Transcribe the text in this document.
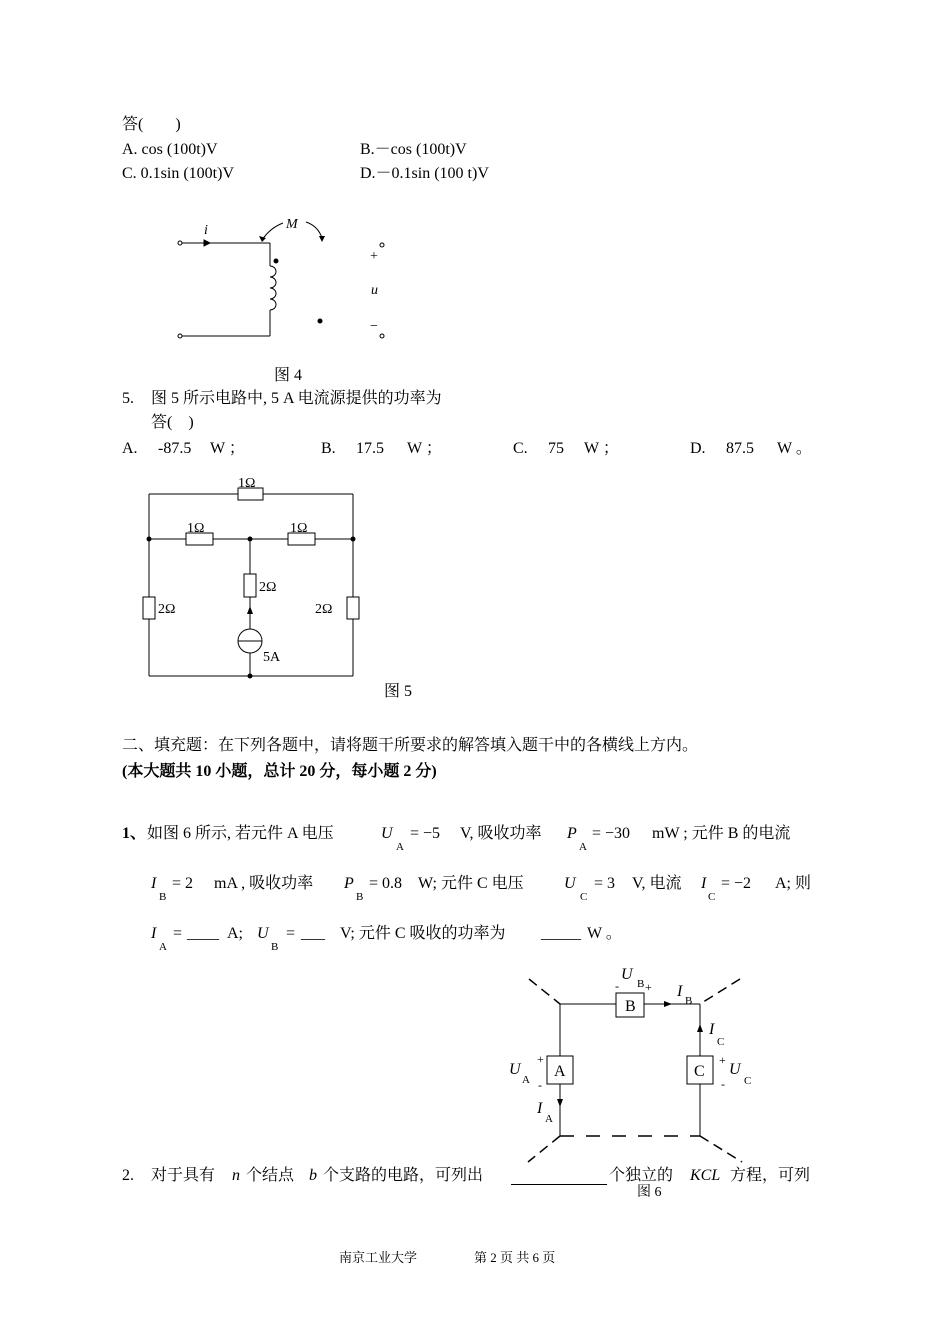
答(　　)
A. cos (100t)V	B.－cos (100t)V
C. 0.1sin (100t)V	D.－0.1sin (100 t)V
i	M
+
u
−
图 4
5. 图 5 所示电路中, 5 A 电流源提供的功率为
答(　)
A. -87.5 W ；	B. 17.5 W ；	C. 75 W ；	D. 87.5 W 。
1Ω
1Ω	1Ω
2Ω
2Ω	2Ω
5A
图 5
二、填充题：在下列各题中，请将题干所要求的解答填入题干中的各横线上方内。
(本大题共 10 小题，总计 20 分，每小题 2 分)
1、 如图 6 所示, 若元件 A 电压	U
A
= −5 V, 吸收功率 P
A
= −30 mW ; 元件 B 的电流
I
B
= 2 mA , 吸收功率 P
B
= 0.8 W; 元件 C 电压	U
C
= 3 V, 电流 I
C
= −2 A; 则
I
A
= ____ A; U
B
= ___ V; 元件 C 吸收的功率为 _____ W 。
U
B
- + I
B
B
I
C
U
A
+
-
A
I
A
C
+
U
C
-
图 6
2. 对于具有 n 个结点 b 个支路的电路，可列出	个独立的 KCL 方程，可列
南京工业大学	第 2 页 共 6 页
